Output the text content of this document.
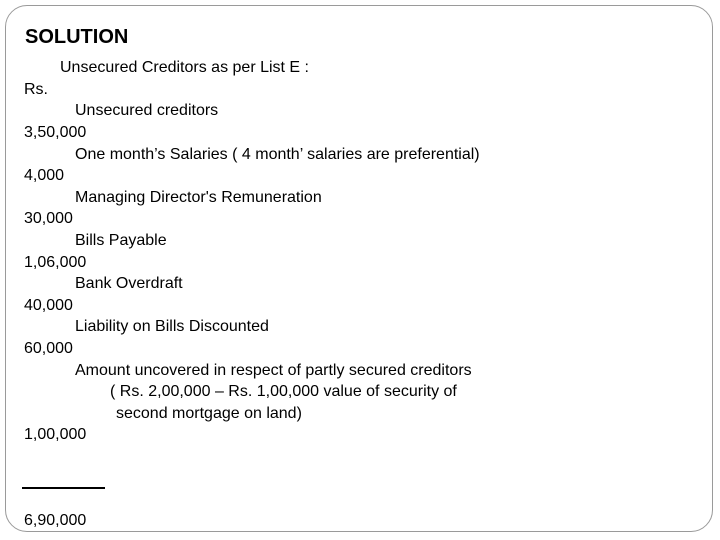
SOLUTION
Unsecured Creditors as per List E :
Rs.
Unsecured creditors
3,50,000
One month’s Salaries ( 4 month’ salaries are preferential)
4,000
Managing Director's Remuneration
30,000
Bills Payable
1,06,000
Bank Overdraft
40,000
Liability on Bills Discounted
60,000
Amount uncovered in respect of partly secured creditors
( Rs. 2,00,000 – Rs. 1,00,000 value of security of
second mortgage on land)
1,00,000
6,90,000
